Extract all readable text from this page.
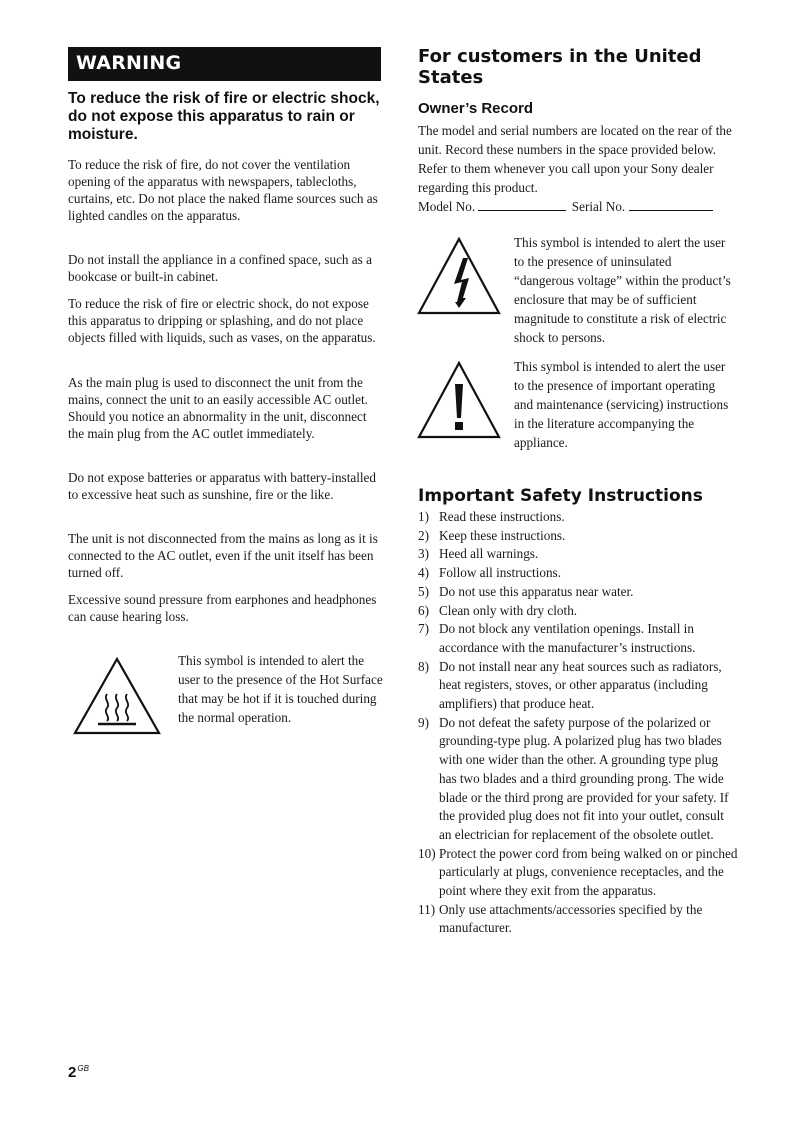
WARNING
To reduce the risk of fire or electric shock, do not expose this apparatus to rain or moisture.

To reduce the risk of fire, do not cover the ventilation opening of the apparatus with newspapers, tablecloths, curtains, etc. Do not place the naked flame sources such as lighted candles on the apparatus.

Do not install the appliance in a confined space, such as a bookcase or built-in cabinet.

To reduce the risk of fire or electric shock, do not expose this apparatus to dripping or splashing, and do not place objects filled with liquids, such as vases, on the apparatus.

As the main plug is used to disconnect the unit from the mains, connect the unit to an easily accessible AC outlet. Should you notice an abnormality in the unit, disconnect the main plug from the AC outlet immediately.

Do not expose batteries or apparatus with battery-installed to excessive heat such as sunshine, fire or the like.

The unit is not disconnected from the mains as long as it is connected to the AC outlet, even if the unit itself has been turned off.

Excessive sound pressure from earphones and headphones can cause hearing loss.

This symbol is intended to alert the user to the presence of the Hot Surface that may be hot if it is touched during the normal operation.
For customers in the United States
Owner’s Record

The model and serial numbers are located on the rear of the unit. Record these numbers in the space provided below. Refer to them whenever you call upon your Sony dealer regarding this product.

Model No.	Serial No.
This symbol is intended to alert the user to the presence of uninsulated “dangerous voltage” within the product’s enclosure that may be of sufficient magnitude to constitute a risk of electric shock to persons.
This symbol is intended to alert the user to the presence of important operating and maintenance (servicing) instructions in the literature accompanying the appliance.
Important Safety Instructions
1) Read these instructions.
2) Keep these instructions.
3) Heed all warnings.
4) Follow all instructions.
5) Do not use this apparatus near water.
6) Clean only with dry cloth.
7) Do not block any ventilation openings. Install in accordance with the manufacturer’s instructions.
8) Do not install near any heat sources such as radiators, heat registers, stoves, or other apparatus (including amplifiers) that produce heat.
9) Do not defeat the safety purpose of the polarized or grounding-type plug. A polarized plug has two blades with one wider than the other. A grounding type plug has two blades and a third grounding prong. The wide blade or the third prong are provided for your safety. If the provided plug does not fit into your outlet, consult an electrician for replacement of the obsolete outlet.
10) Protect the power cord from being walked on or pinched particularly at plugs, convenience receptacles, and the point where they exit from the apparatus.
11) Only use attachments/accessories specified by the manufacturer.
$2^{GB}$
